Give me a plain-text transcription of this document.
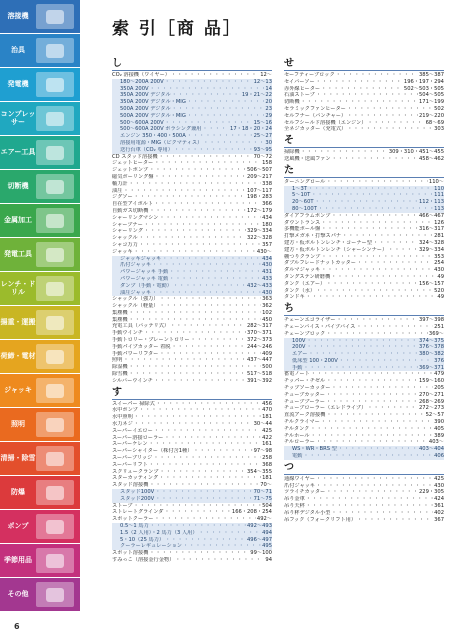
溶接機
治具
発電機
コンプレッサー
エアー工具
切断機
金属加工
発電工具
レンチ・ドリル
揚重・運搬
荷締・電材
ジャッキ
照明
清掃・除雪
防爆
ポンプ
季節用品
その他
6
索 引［商 品］
し
CO₂ 溶接機（ワイヤー） ・・・・・・・・・・・・・・・・・・・・・・・・・・・・・・・・・・・・・・・・・・・・	12〜
180〜200A 200V ・・・・・・・・・・・・・・・・・・・・・・・・・・・・・・・・・・・・・・・・・・・・	12〜13
350A 200V ・・・・・・・・・・・・・・・・・・・・・・・・・・・・・・・・・・・・・・・・・・・・	14
350A 200V デジタル ・・・・・・・・・・・・・・・・・・・・・・・・・・・・・・・・・・・・・・・・・・・・	19・21〜22
350A 200V デジタル・MIG ・・・・・・・・・・・・・・・・・・・・・・・・・・・・・・・・・・・・・・・・・・・・	20
500A 200V デジタル ・・・・・・・・・・・・・・・・・・・・・・・・・・・・・・・・・・・・・・・・・・・・	23
500A 200V デジタル・MIG ・・・・・・・・・・・・・・・・・・・・・・・・・・・・・・・・・・・・・・・・・・・・	29
500〜600A 200V ・・・・・・・・・・・・・・・・・・・・・・・・・・・・・・・・・・・・・・・・・・・・	15〜16
500〜600A 200V ポラシング兼用 ・・・・・・・・・・・・・・・・・・・・・・・・・・・・・・・・・・・・・・・・・・・・	17・18・20・24
エンジン 350・400・500A ・・・・・・・・・・・・・・・・・・・・・・・・・・・・・・・・・・・・・・・・・・・・	25〜27
溶接用電源・MIG（ビクマティス） ・・・・・・・・・・・・・・・・・・・・・・・・・・・・・・・・・・・・・・・・・・・・	30
送行台車（CO₂ 専用） ・・・・・・・・・・・・・・・・・・・・・・・・・・・・・・・・・・・・・・・・・・・・	93〜95
CD スタッド溶接機 ・・・・・・・・・・・・・・・・・・・・・・・・・・・・・・・・・・・・・・・・・・・・	70〜72
ジェットヒーター ・・・・・・・・・・・・・・・・・・・・・・・・・・・・・・・・・・・・・・・・・・・・	158
ジェットポンプ ・・・・・・・・・・・・・・・・・・・・・・・・・・・・・・・・・・・・・・・・・・・・	506〜507
磁気ボーリング盤 ・・・・・・・・・・・・・・・・・・・・・・・・・・・・・・・・・・・・・・・・・・・・	209〜217
軸力計 ・・・・・・・・・・・・・・・・・・・・・・・・・・・・・・・・・・・・・・・・・・・・	338
油圧 ・・・・・・・・・・・・・・・・・・・・・・・・・・・・・・・・・・・・・・・・・・・・	107〜117
ジグソー ・・・・・・・・・・・・・・・・・・・・・・・・・・・・・・・・・・・・・・・・・・・・	198・283
自在型アイボルト ・・・・・・・・・・・・・・・・・・・・・・・・・・・・・・・・・・・・・・・・・・・・	366
自動ガス切断機 ・・・・・・・・・・・・・・・・・・・・・・・・・・・・・・・・・・・・・・・・・・・・	172〜179
シャーリングマシン ・・・・・・・・・・・・・・・・・・・・・・・・・・・・・・・・・・・・・・・・・・・・	434
シャープナー ・・・・・・・・・・・・・・・・・・・・・・・・・・・・・・・・・・・・・・・・・・・・	180
シャーリング ・・・・・・・・・・・・・・・・・・・・・・・・・・・・・・・・・・・・・・・・・・・・	329〜334
シャックル ・・・・・・・・・・・・・・・・・・・・・・・・・・・・・・・・・・・・・・・・・・・・	322〜328
シャコ万力 ・・・・・・・・・・・・・・・・・・・・・・・・・・・・・・・・・・・・・・・・・・・・	357
ジャッキ ・・・・・・・・・・・・・・・・・・・・・・・・・・・・・・・・・・・・・・・・・・・・	430〜
ジャッキジャッキ ・・・・・・・・・・・・・・・・・・・・・・・・・・・・・・・・・・・・・・・・・・・・	434
爪付ジャッキ ・・・・・・・・・・・・・・・・・・・・・・・・・・・・・・・・・・・・・・・・・・・・	430
パワージャッキ 手動 ・・・・・・・・・・・・・・・・・・・・・・・・・・・・・・・・・・・・・・・・・・・・	431
パワージャッキ 電動 ・・・・・・・・・・・・・・・・・・・・・・・・・・・・・・・・・・・・・・・・・・・・	433
ダンプ（手動・電動） ・・・・・・・・・・・・・・・・・・・・・・・・・・・・・・・・・・・・・・・・・・・・	432〜433
油圧ジャッキ ・・・・・・・・・・・・・・・・・・・・・・・・・・・・・・・・・・・・・・・・・・・・	430
シャックル（強力） ・・・・・・・・・・・・・・・・・・・・・・・・・・・・・・・・・・・・・・・・・・・・	363
シャックル（軽量） ・・・・・・・・・・・・・・・・・・・・・・・・・・・・・・・・・・・・・・・・・・・・	362
集塵機 ・・・・・・・・・・・・・・・・・・・・・・・・・・・・・・・・・・・・・・・・・・・・	102
集塵機 ・・・・・・・・・・・・・・・・・・・・・・・・・・・・・・・・・・・・・・・・・・・・	450
充電工具（バッテリ式） ・・・・・・・・・・・・・・・・・・・・・・・・・・・・・・・・・・・・・・・・・・・・	282〜317
手動ウインチ ・・・・・・・・・・・・・・・・・・・・・・・・・・・・・・・・・・・・・・・・・・・・	370〜371
手動トロリー・プレーントロリー ・・・・・・・・・・・・・・・・・・・・・・・・・・・・・・・・・・・・・・・・・・・・	372〜373
手動パイプカッター 着脱 ・・・・・・・・・・・・・・・・・・・・・・・・・・・・・・・・・・・・・・・・・・・・	244〜246
手動パワーリフター ・・・・・・・・・・・・・・・・・・・・・・・・・・・・・・・・・・・・・・・・・・・・	409
照明 ・・・・・・・・・・・・・・・・・・・・・・・・・・・・・・・・・・・・・・・・・・・・	437〜447
除湿機 ・・・・・・・・・・・・・・・・・・・・・・・・・・・・・・・・・・・・・・・・・・・・	500
除雪機 ・・・・・・・・・・・・・・・・・・・・・・・・・・・・・・・・・・・・・・・・・・・・	517〜518
シルバーウインチ ・・・・・・・・・・・・・・・・・・・・・・・・・・・・・・・・・・・・・・・・・・・・	391〜392
す
スイーパー 掃除式 ・・・・・・・・・・・・・・・・・・・・・・・・・・・・・・・・・・・・・・・・・・・・	456
水中ポンプ ・・・・・・・・・・・・・・・・・・・・・・・・・・・・・・・・・・・・・・・・・・・・	470
水中照明 ・・・・・・・・・・・・・・・・・・・・・・・・・・・・・・・・・・・・・・・・・・・・	181
水力ネジ ・・・・・・・・・・・・・・・・・・・・・・・・・・・・・・・・・・・・・・・・・・・・	30〜44
スーパーイエロー ・・・・・・・・・・・・・・・・・・・・・・・・・・・・・・・・・・・・・・・・・・・・	425
スーパー溶接ローラー ・・・・・・・・・・・・・・・・・・・・・・・・・・・・・・・・・・・・・・・・・・・・	422
スーパーケレン ・・・・・・・・・・・・・・・・・・・・・・・・・・・・・・・・・・・・・・・・・・・・	161
スーパーシャイター（株付含1種） ・・・・・・・・・・・・・・・・・・・・・・・・・・・・・・・・・・・・・・・・・・・・	97〜98
スーパーブリッジ ・・・・・・・・・・・・・・・・・・・・・・・・・・・・・・・・・・・・・・・・・・・・	258
スーパーリフト ・・・・・・・・・・・・・・・・・・・・・・・・・・・・・・・・・・・・・・・・・・・・	368
スクリュークランプ ・・・・・・・・・・・・・・・・・・・・・・・・・・・・・・・・・・・・・・・・・・・・	354〜355
スターカッティング ・・・・・・・・・・・・・・・・・・・・・・・・・・・・・・・・・・・・・・・・・・・・	181
スタッド溶接機 ・・・・・・・・・・・・・・・・・・・・・・・・・・・・・・・・・・・・・・・・・・・・	70〜
スタッド100V ・・・・・・・・・・・・・・・・・・・・・・・・・・・・・・・・・・・・・・・・・・・・	70〜71
スタッド200V ・・・・・・・・・・・・・・・・・・・・・・・・・・・・・・・・・・・・・・・・・・・・	71〜75
ストーブ ・・・・・・・・・・・・・・・・・・・・・・・・・・・・・・・・・・・・・・・・・・・・	504
ストレートグラインダ ・・・・・・・・・・・・・・・・・・・・・・・・・・・・・・・・・・・・・・・・・・・・	166・208・254
スポットクーラー ・・・・・・・・・・・・・・・・・・・・・・・・・・・・・・・・・・・・・・・・・・・・	492〜
0.5〜1 馬力 ・・・・・・・・・・・・・・・・・・・・・・・・・・・・・・・・・・・・・・・・・・・・	492〜493
1.5（2 人用）・2 馬力（3 人用） ・・・・・・・・・・・・・・・・・・・・・・・・・・・・・・・・・・・・・・・・・・・・	494
5・10（25 馬力） ・・・・・・・・・・・・・・・・・・・・・・・・・・・・・・・・・・・・・・・・・・・・	496〜497
クーラーレギュレーション ・・・・・・・・・・・・・・・・・・・・・・・・・・・・・・・・・・・・・・・・・・・・	495
スポット溶接機 ・・・・・・・・・・・・・・・・・・・・・・・・・・・・・・・・・・・・・・・・・・・・	99〜100
すみっこ（溶接金行金物） ・・・・・・・・・・・・・・・・・・・・・・・・・・・・・・・・・・・・・・・・・・・・	94
せ
セーフティーブロック ・・・・・・・・・・・・・・・・・・・・・・・・・・・・・・・・・・・・・・・・・・・・	385〜387
セイバーソー ・・・・・・・・・・・・・・・・・・・・・・・・・・・・・・・・・・・・・・・・・・・・	196・197・294
赤外線ヒーター ・・・・・・・・・・・・・・・・・・・・・・・・・・・・・・・・・・・・・・・・・・・・	502〜503・505
石油ストーブ ・・・・・・・・・・・・・・・・・・・・・・・・・・・・・・・・・・・・・・・・・・・・	504〜505
切断機 ・・・・・・・・・・・・・・・・・・・・・・・・・・・・・・・・・・・・・・・・・・・・	171〜199
セラミックファンヒーター ・・・・・・・・・・・・・・・・・・・・・・・・・・・・・・・・・・・・・・・・・・・・	502
セルフナー（バンチャー） ・・・・・・・・・・・・・・・・・・・・・・・・・・・・・・・・・・・・・・・・・・・・	219〜220
セルフシールド溶接機（エンジン） ・・・・・・・・・・・・・・・・・・・・・・・・・・・・・・・・・・・・・・・・・・・・	68〜69
全ネジカッター（充電式） ・・・・・・・・・・・・・・・・・・・・・・・・・・・・・・・・・・・・・・・・・・・・	303
そ
掃除機 ・・・・・・・・・・・・・・・・・・・・・・・・・・・・・・・・・・・・・・・・・・・・	309・310・451〜455
送風機・送風ファン ・・・・・・・・・・・・・・・・・・・・・・・・・・・・・・・・・・・・・・・・・・・・	458〜462
た
ターニングロール ・・・・・・・・・・・・・・・・・・・・・・・・・・・・・・・・・・・・・・・・・・・・	110〜
1〜3T ・・・・・・・・・・・・・・・・・・・・・・・・・・・・・・・・・・・・・・・・・・・・	110
5〜10T ・・・・・・・・・・・・・・・・・・・・・・・・・・・・・・・・・・・・・・・・・・・・	111
20〜60T ・・・・・・・・・・・・・・・・・・・・・・・・・・・・・・・・・・・・・・・・・・・・	112・113
80〜100T ・・・・・・・・・・・・・・・・・・・・・・・・・・・・・・・・・・・・・・・・・・・・	113
ダイアフラムポンプ ・・・・・・・・・・・・・・・・・・・・・・・・・・・・・・・・・・・・・・・・・・・・	466〜467
ダウントランス ・・・・・・・・・・・・・・・・・・・・・・・・・・・・・・・・・・・・・・・・・・・・	126
多機能ボール盤 ・・・・・・・・・・・・・・・・・・・・・・・・・・・・・・・・・・・・・・・・・・・・	316〜317
打撃メガネ・打撃スパナ ・・・・・・・・・・・・・・・・・・・・・・・・・・・・・・・・・・・・・・・・・・・・	281
建方・仮ボルトンレンチ・コーナー型 ・・・・・・・・・・・・・・・・・・・・・・・・・・・・・・・・・・・・・・・・・・・・	324〜328
建方・仮ボルトンレンチ（シャーシンナー） ・・・・・・・・・・・・・・・・・・・・・・・・・・・・・・・・・・・・・・・・・・・・	329〜334
棚つりクランプ ・・・・・・・・・・・・・・・・・・・・・・・・・・・・・・・・・・・・・・・・・・・・	353
ダブルフレードナットカッター ・・・・・・・・・・・・・・・・・・・・・・・・・・・・・・・・・・・・・・・・・・・・	254
ダルマジャッキ ・・・・・・・・・・・・・・・・・・・・・・・・・・・・・・・・・・・・・・・・・・・・	430
タングステン研磨機 ・・・・・・・・・・・・・・・・・・・・・・・・・・・・・・・・・・・・・・・・・・・・	49
タンク（エアー） ・・・・・・・・・・・・・・・・・・・・・・・・・・・・・・・・・・・・・・・・・・・・	156〜157
タンク（水） ・・・・・・・・・・・・・・・・・・・・・・・・・・・・・・・・・・・・・・・・・・・・	520
タンドキ ・・・・・・・・・・・・・・・・・・・・・・・・・・・・・・・・・・・・・・・・・・・・	49
ち
チェーンエコライザー ・・・・・・・・・・・・・・・・・・・・・・・・・・・・・・・・・・・・・・・・・・・・	397〜398
チェーンバイス・パイプバイス ・・・・・・・・・・・・・・・・・・・・・・・・・・・・・・・・・・・・・・・・・・・・	251
チェーンブロック ・・・・・・・・・・・・・・・・・・・・・・・・・・・・・・・・・・・・・・・・・・・・	369〜
100V ・・・・・・・・・・・・・・・・・・・・・・・・・・・・・・・・・・・・・・・・・・・・	374〜375
200V ・・・・・・・・・・・・・・・・・・・・・・・・・・・・・・・・・・・・・・・・・・・・	376〜378
エアー ・・・・・・・・・・・・・・・・・・・・・・・・・・・・・・・・・・・・・・・・・・・・	380〜382
低床型 100・200V ・・・・・・・・・・・・・・・・・・・・・・・・・・・・・・・・・・・・・・・・・・・・	376
手動 ・・・・・・・・・・・・・・・・・・・・・・・・・・・・・・・・・・・・・・・・・・・・	369〜371
蓄電ノート ・・・・・・・・・・・・・・・・・・・・・・・・・・・・・・・・・・・・・・・・・・・・	479
チッパー・チゼル ・・・・・・・・・・・・・・・・・・・・・・・・・・・・・・・・・・・・・・・・・・・・	159〜160
チップソーカッター ・・・・・・・・・・・・・・・・・・・・・・・・・・・・・・・・・・・・・・・・・・・・	205
チューブカッター ・・・・・・・・・・・・・・・・・・・・・・・・・・・・・・・・・・・・・・・・・・・・	270〜271
チューブブーラー ・・・・・・・・・・・・・・・・・・・・・・・・・・・・・・・・・・・・・・・・・・・・	268〜269
チューブローラー（エレドライブ） ・・・・・・・・・・・・・・・・・・・・・・・・・・・・・・・・・・・・・・・・・・・・	272〜273
直流アーク溶接機 ・・・・・・・・・・・・・・・・・・・・・・・・・・・・・・・・・・・・・・・・・・・・	52〜57
チルクライマー ・・・・・・・・・・・・・・・・・・・・・・・・・・・・・・・・・・・・・・・・・・・・	390
チルタンク ・・・・・・・・・・・・・・・・・・・・・・・・・・・・・・・・・・・・・・・・・・・・	405
チルホール ・・・・・・・・・・・・・・・・・・・・・・・・・・・・・・・・・・・・・・・・・・・・	389
チルローラー ・・・・・・・・・・・・・・・・・・・・・・・・・・・・・・・・・・・・・・・・・・・・	403〜
WS・WR・BRS 型 ・・・・・・・・・・・・・・・・・・・・・・・・・・・・・・・・・・・・・・・・・・・・	403〜404
電動 ・・・・・・・・・・・・・・・・・・・・・・・・・・・・・・・・・・・・・・・・・・・・	406
つ
通線ワイヤー ・・・・・・・・・・・・・・・・・・・・・・・・・・・・・・・・・・・・・・・・・・・・	425
爪付ジャッキ ・・・・・・・・・・・・・・・・・・・・・・・・・・・・・・・・・・・・・・・・・・・・	430
ツライチカッター ・・・・・・・・・・・・・・・・・・・・・・・・・・・・・・・・・・・・・・・・・・・・	229・305
吊り金車 ・・・・・・・・・・・・・・・・・・・・・・・・・・・・・・・・・・・・・・・・・・・・	424
吊り天秤 ・・・・・・・・・・・・・・・・・・・・・・・・・・・・・・・・・・・・・・・・・・・・	361
吊り秤デジタル小型 ・・・・・・・・・・・・・・・・・・・・・・・・・・・・・・・・・・・・・・・・・・・・	402
吊フック（フォークリフト用） ・・・・・・・・・・・・・・・・・・・・・・・・・・・・・・・・・・・・・・・・・・・・	367
